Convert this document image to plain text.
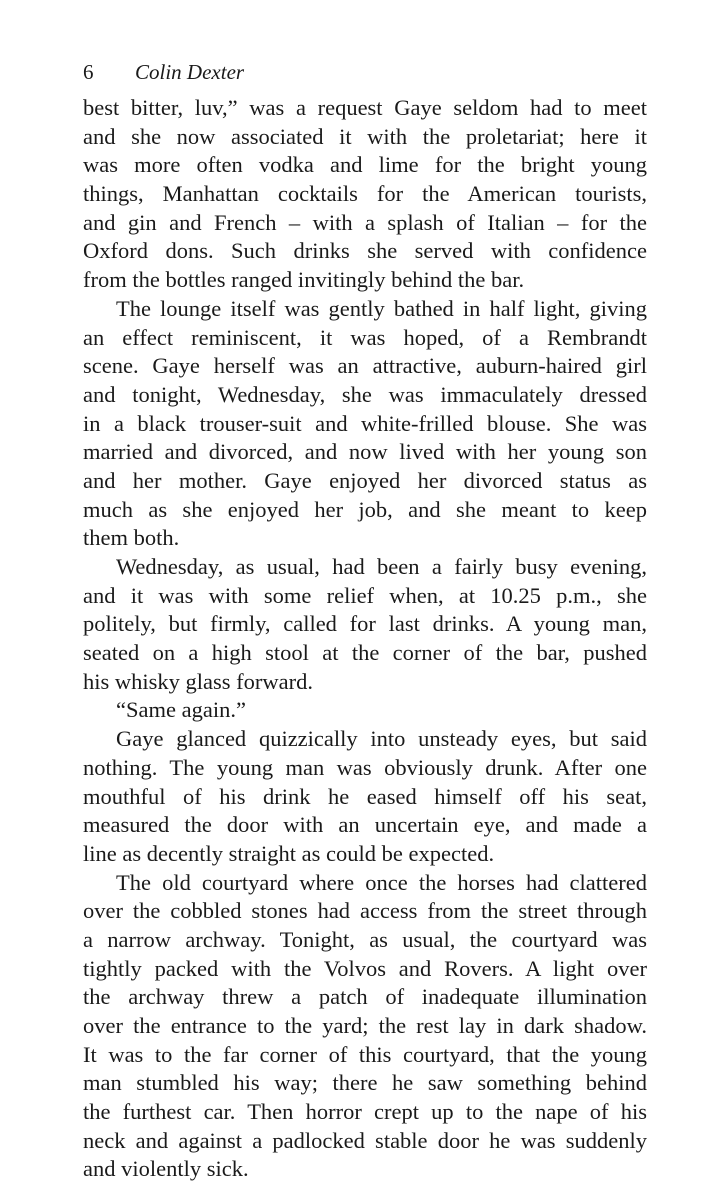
6 Colin Dexter
best bitter, luv,” was a request Gaye seldom had to meet
and she now associated it with the proletariat; here it
was more often vodka and lime for the bright young
things, Manhattan cocktails for the American tourists,
and gin and French – with a splash of Italian – for the
Oxford dons. Such drinks she served with confidence
from the bottles ranged invitingly behind the bar.
The lounge itself was gently bathed in half light, giving
an effect reminiscent, it was hoped, of a Rembrandt
scene. Gaye herself was an attractive, auburn-haired girl
and tonight, Wednesday, she was immaculately dressed
in a black trouser-suit and white-frilled blouse. She was
married and divorced, and now lived with her young son
and her mother. Gaye enjoyed her divorced status as
much as she enjoyed her job, and she meant to keep
them both.
Wednesday, as usual, had been a fairly busy evening,
and it was with some relief when, at 10.25 p.m., she
politely, but firmly, called for last drinks. A young man,
seated on a high stool at the corner of the bar, pushed
his whisky glass forward.
“Same again.”
Gaye glanced quizzically into unsteady eyes, but said
nothing. The young man was obviously drunk. After one
mouthful of his drink he eased himself off his seat,
measured the door with an uncertain eye, and made a
line as decently straight as could be expected.
The old courtyard where once the horses had clattered
over the cobbled stones had access from the street through
a narrow archway. Tonight, as usual, the courtyard was
tightly packed with the Volvos and Rovers. A light over
the archway threw a patch of inadequate illumination
over the entrance to the yard; the rest lay in dark shadow.
It was to the far corner of this courtyard, that the young
man stumbled his way; there he saw something behind
the furthest car. Then horror crept up to the nape of his
neck and against a padlocked stable door he was suddenly
and violently sick.
